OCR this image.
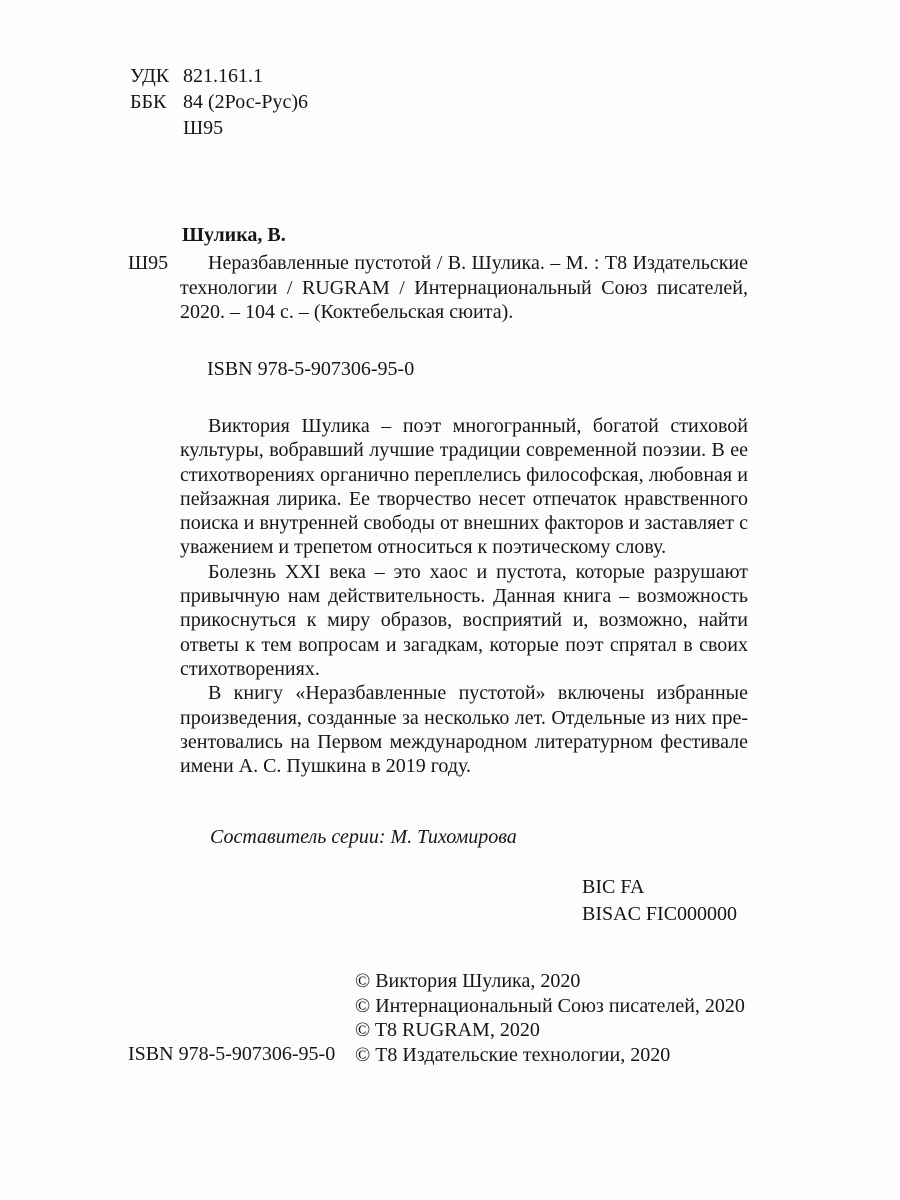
УДК 821.161.1
ББК 84 (2Рос-Рус)6
Ш95
Шулика, В.
Ш95 Неразбавленные пустотой / В. Шулика. – М. : Т8 Издательские технологии / RUGRAM / Интернациональный Союз писателей, 2020. – 104 с. – (Коктебельская сюита).
ISBN 978-5-907306-95-0

Виктория Шулика – поэт многогранный, богатой стиховой культуры, вобравший лучшие традиции современной поэзии. В ее стихотворениях органично переплелись философская, любовная и пейзажная лирика. Ее творчество несет отпечаток нравственного поиска и внутренней свободы от внешних факторов и заставляет с уважением и трепетом относиться к поэтическому слову.

Болезнь XXI века – это хаос и пустота, которые разрушают привычную нам действительность. Данная книга – возможность прикоснуться к миру образов, восприятий и, возможно, найти ответы к тем вопросам и загадкам, которые поэт спрятал в своих стихотворениях.

В книгу «Неразбавленные пустотой» включены избранные произведения, созданные за несколько лет. Отдельные из них презентовались на Первом международном литературном фестивале имени А. С. Пушкина в 2019 году.

Составитель серии: М. Тихомирова
BIC FA
BISAC FIC000000
ISBN 978-5-907306-95-0
© Виктория Шулика, 2020
© Интернациональный Союз писателей, 2020
© T8 RUGRAM, 2020
© Т8 Издательские технологии, 2020
